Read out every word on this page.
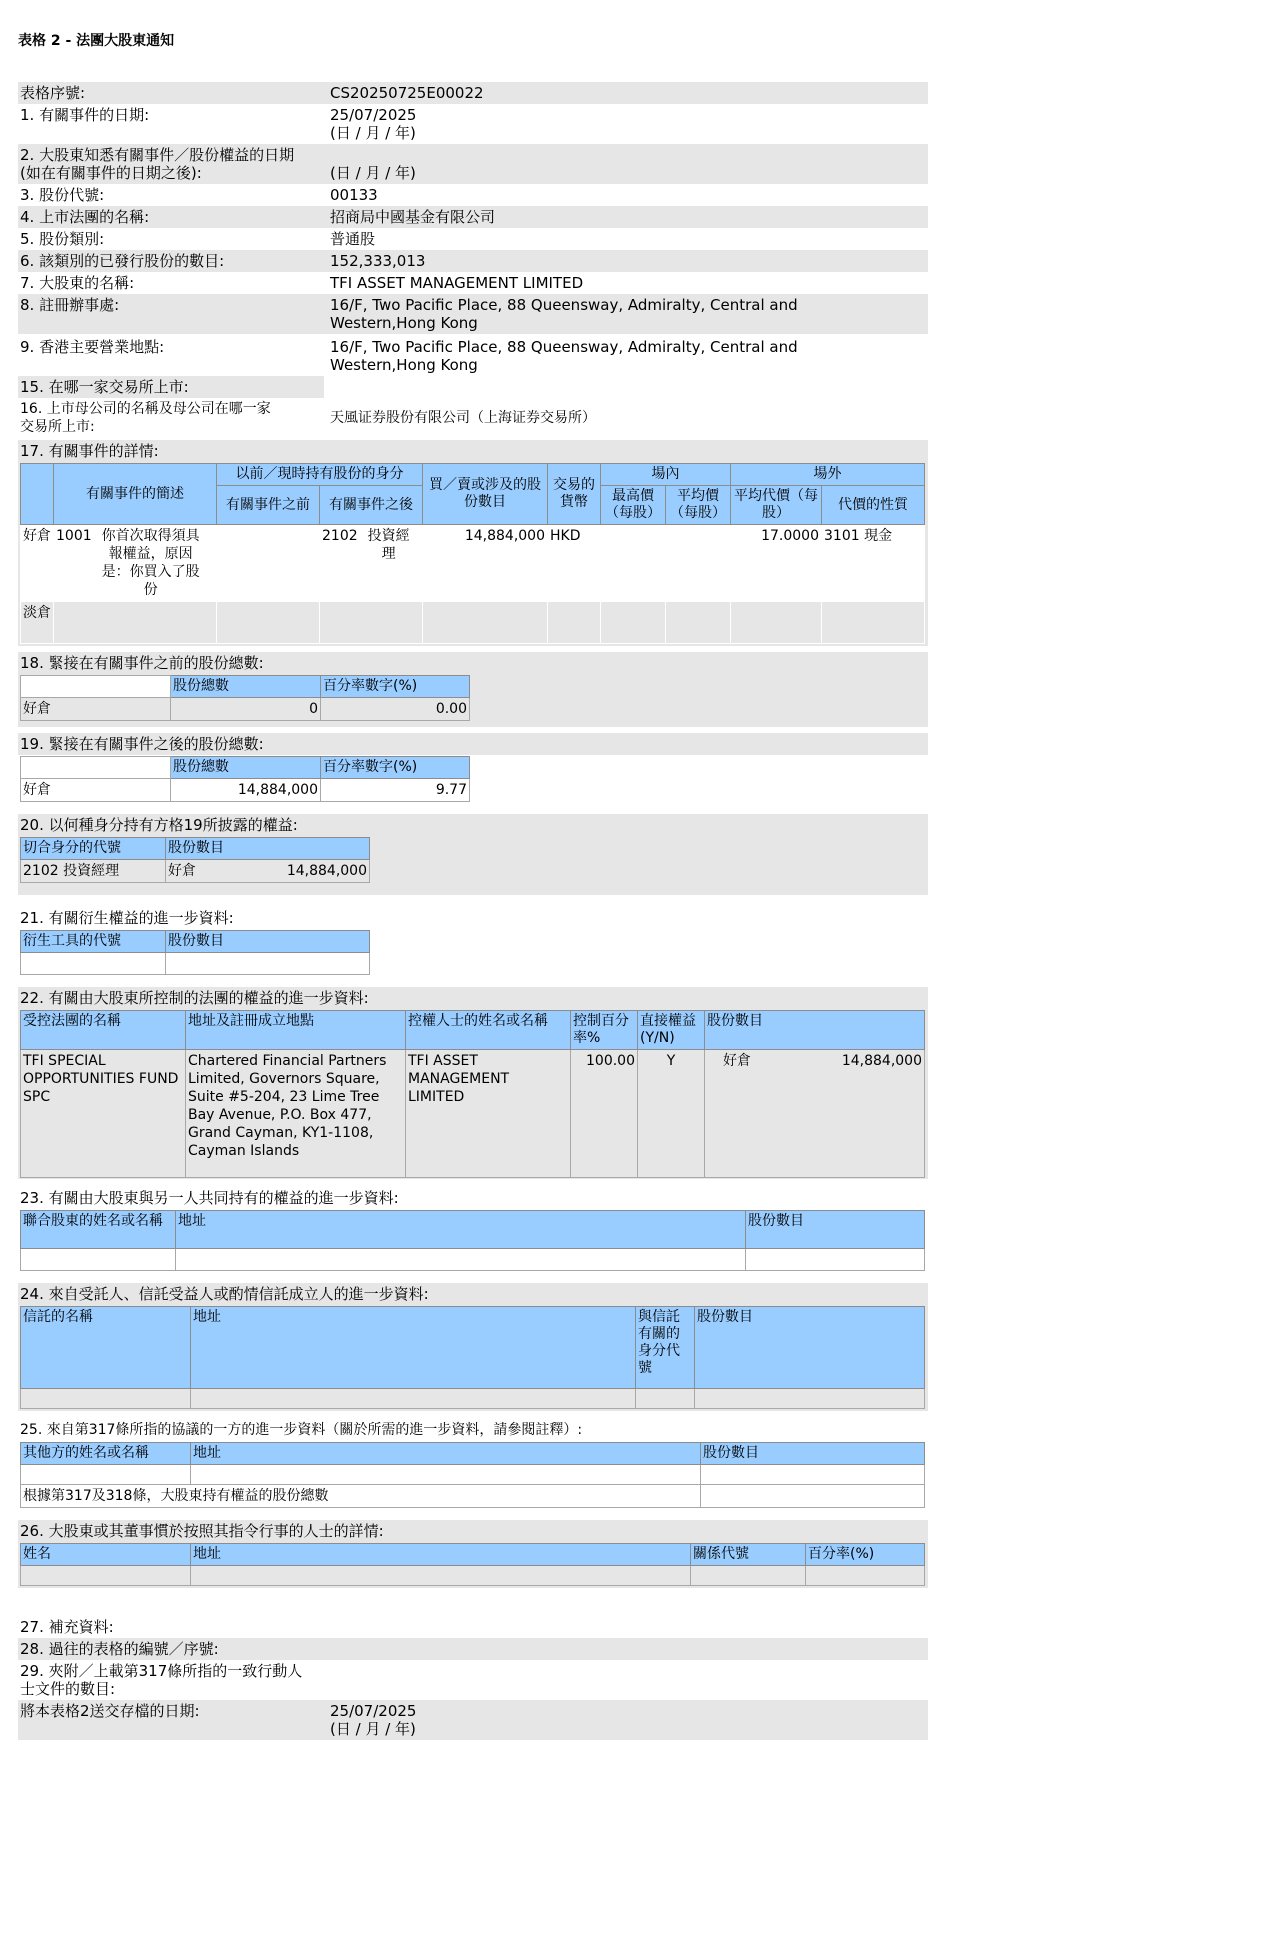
表格 2 - 法團大股東通知
表格序號:	CS20250725E00022
1. 有關事件的日期:	25/07/2025
(日 / 月 / 年)
2. 大股東知悉有關事件／股份權益的日期
(如在有關事件的日期之後):	(日 / 月 / 年)
3. 股份代號:	00133
4. 上市法團的名稱:	招商局中國基金有限公司
5. 股份類別:	普通股
6. 該類別的已發行股份的數目:	152,333,013
7. 大股東的名稱:	TFI ASSET MANAGEMENT LIMITED
8. 註冊辦事處:	16/F, Two Pacific Place, 88 Queensway, Admiralty, Central and
Western,Hong Kong
9. 香港主要營業地點:	16/F, Two Pacific Place, 88 Queensway, Admiralty, Central and
Western,Hong Kong
15. 在哪一家交易所上市:
16. 上市母公司的名稱及母公司在哪一家
交易所上市:
天風证券股份有限公司（上海证券交易所）
17. 有關事件的詳情:
	有關事件的簡述	以前／現時持有股份的身分		買／賣或涉及的股份數目	交易的貨幣	場內		場外	
		有關事件之前	有關事件之後			最高價（每股）	平均價（每股）	平均代價（每股）	代價的性質
好倉	1001 你首次取得須具報權益，原因是：你買入了股份		2102 投資經理	14,884,000	HKD			17.0000	3101 現金
淡倉									
18. 緊接在有關事件之前的股份總數:
	股份總數	百分率數字(%)
好倉	0	0.00
19. 緊接在有關事件之後的股份總數:
	股份總數	百分率數字(%)
好倉	14,884,000	9.77
20. 以何種身分持有方格19所披露的權益:
切合身分的代號	股份數目
2102 投資經理	好倉 14,884,000
21. 有關衍生權益的進一步資料:
衍生工具的代號	股份數目

22. 有關由大股東所控制的法團的權益的進一步資料:
受控法團的名稱	地址及註冊成立地點	控權人士的姓名或名稱	控制百分率%	直接權益(Y/N)	股份數目
TFI SPECIAL OPPORTUNITIES FUND SPC	Chartered Financial Partners Limited, Governors Square, Suite #5-204, 23 Lime Tree Bay Avenue, P.O. Box 477, Grand Cayman, KY1-1108, Cayman Islands	TFI ASSET MANAGEMENT LIMITED	100.00	Y	好倉 14,884,000
23. 有關由大股東與另一人共同持有的權益的進一步資料:
聯合股東的姓名或名稱	地址	股份數目

24. 來自受託人、信託受益人或酌情信託成立人的進一步資料:
信託的名稱	地址	與信託有關的身分代號	股份數目

25. 來自第317條所指的協議的一方的進一步資料（關於所需的進一步資料，請參閱註釋）:
其他方的姓名或名稱	地址	股份數目

根據第317及318條，大股東持有權益的股份總數		
26. 大股東或其董事慣於按照其指令行事的人士的詳情:
姓名	地址	關係代號	百分率(%)

27. 補充資料:
28. 過往的表格的編號／序號:
29. 夾附／上載第317條所指的一致行動人
士文件的數目:
將本表格2送交存檔的日期:	25/07/2025
(日 / 月 / 年)
